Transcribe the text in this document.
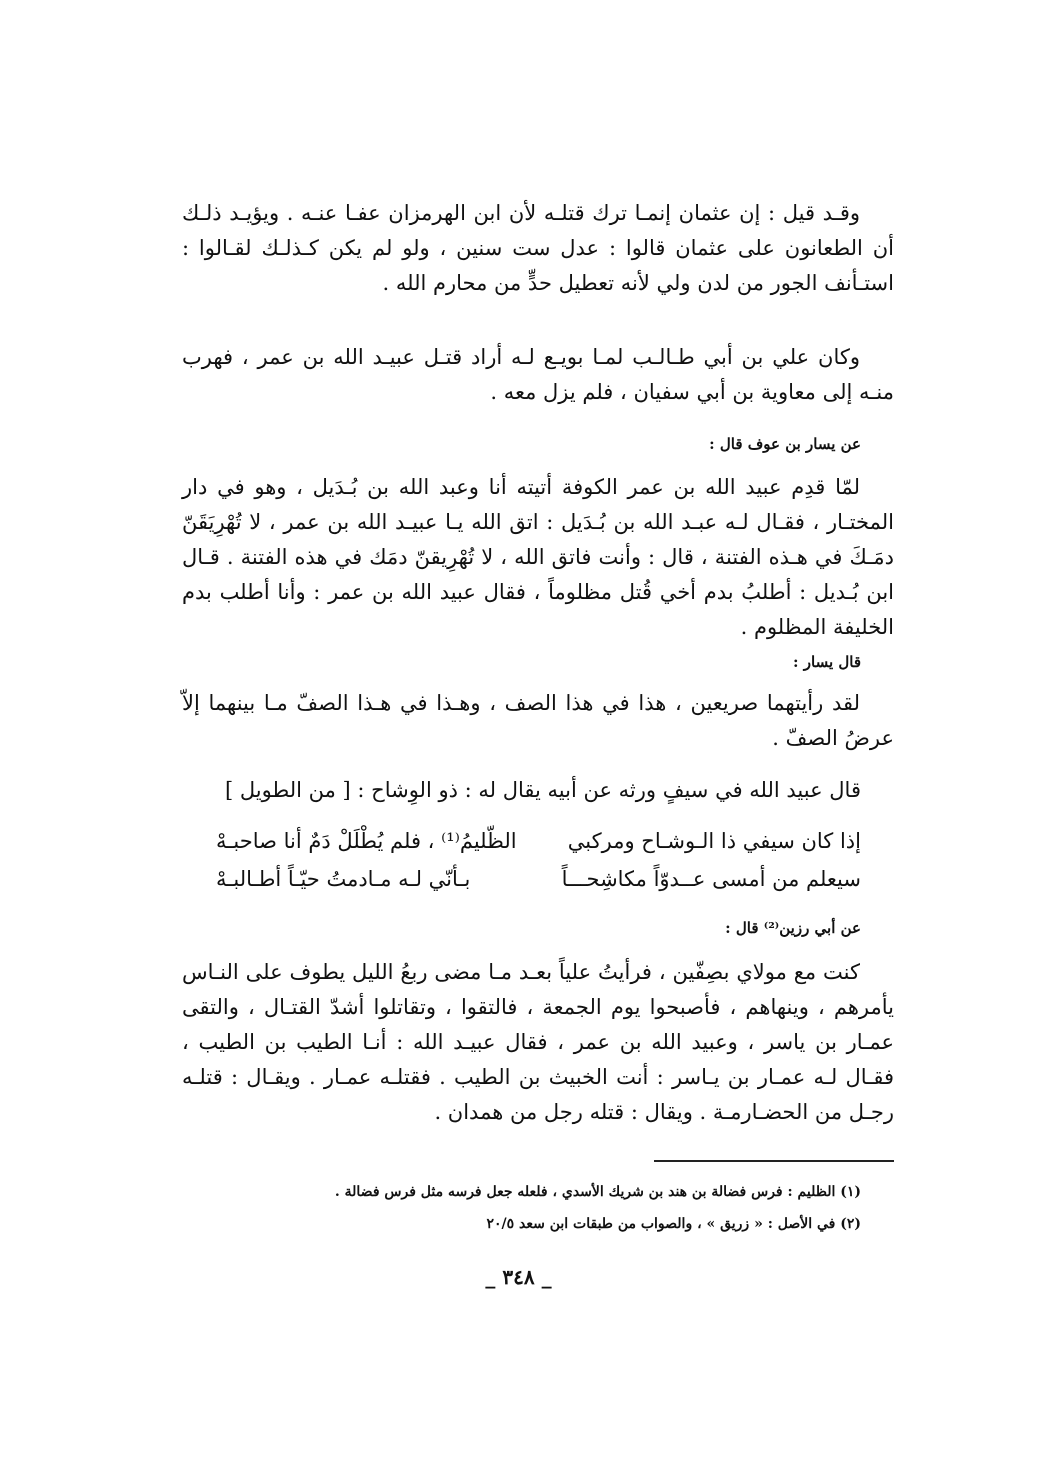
وقـد قيل : إن عثمان إنمـا ترك قتلـه لأن ابن الهرمزان عفـا عنـه . ويؤيـد ذلـك أن الطعانون على عثمان قالوا : عدل ست سنين ، ولو لم يكن كـذلـك لقـالوا : استـأنف الجور من لدن ولي لأنه تعطيل حدٍّ من محارم الله .

وكان علي بن أبي طـالـب لمـا بويـع لـه أراد قتـل عبيـد الله بن عمر ، فهرب منـه إلى معاوية بن أبي سفيان ، فلم يزل معه .

عن يسار بن عوف قال :

لمّا قدِم عبيد الله بن عمر الكوفة أتيته أنا وعبد الله بن بُـدَيل ، وهو في دار المختـار ، فقـال لـه عبـد الله بن بُـدَيل : اتق الله يـا عبيـد الله بن عمر ، لا تُهْرِيَقَنّ دمَـكَ في هـذه الفتنة ، قال : وأنت فاتق الله ، لا تُهْرِيقنّ دمَك في هذه الفتنة . قـال ابن بُـديل : أطلبُ بدم أخي قُتل مظلوماً ، فقال عبيد الله بن عمر : وأنا أطلب بدم الخليفة المظلوم .

قال يسار :

لقد رأيتهما صريعين ، هذا في هذا الصف ، وهـذا في هـذا الصفّ مـا بينهما إلاّ عرضُ الصفّ .

قال عبيد الله في سيفٍ ورثه عن أبيه يقال له : ذو الوِشاح : [ من الطويل ]
إذا كان سيفي ذا الـوشـاح ومركبي
الظّليمُ⁽¹⁾ ، فلم يُطْلَلْ دَمٌ أنا صاحبـهْ
سيعلم من أمسى عــدوّاً مكاشِحـــاً
بـأنّي لـه مـادمتُ حيّـاً أطـالبـهْ
عن أبي رزين⁽²⁾ قال :

كنت مع مولاي بصِفّين ، فرأيتُ علياً بعـد مـا مضى ربعُ الليل يطوف على النـاس يأمرهم ، وينهاهم ، فأصبحوا يوم الجمعة ، فالتقوا ، وتقاتلوا أشدّ القتـال ، والتقى عمـار بن ياسر ، وعبيد الله بن عمر ، فقال عبيـد الله : أنـا الطيب بن الطيب ، فقـال لـه عمـار بن يـاسر : أنت الخبيث بن الطيب . فقتلـه عمـار . ويقـال : قتلـه رجـل من الحضـارمـة . ويقال : قتله رجل من همدان .

(١) الظليم : فرس فضالة بن هند بن شريك الأسدي ، فلعله جعل فرسه مثل فرس فضالة .
(٢) في الأصل : « زريق » ، والصواب من طبقات ابن سعد ٢٠/٥
_ ٣٤٨ _
